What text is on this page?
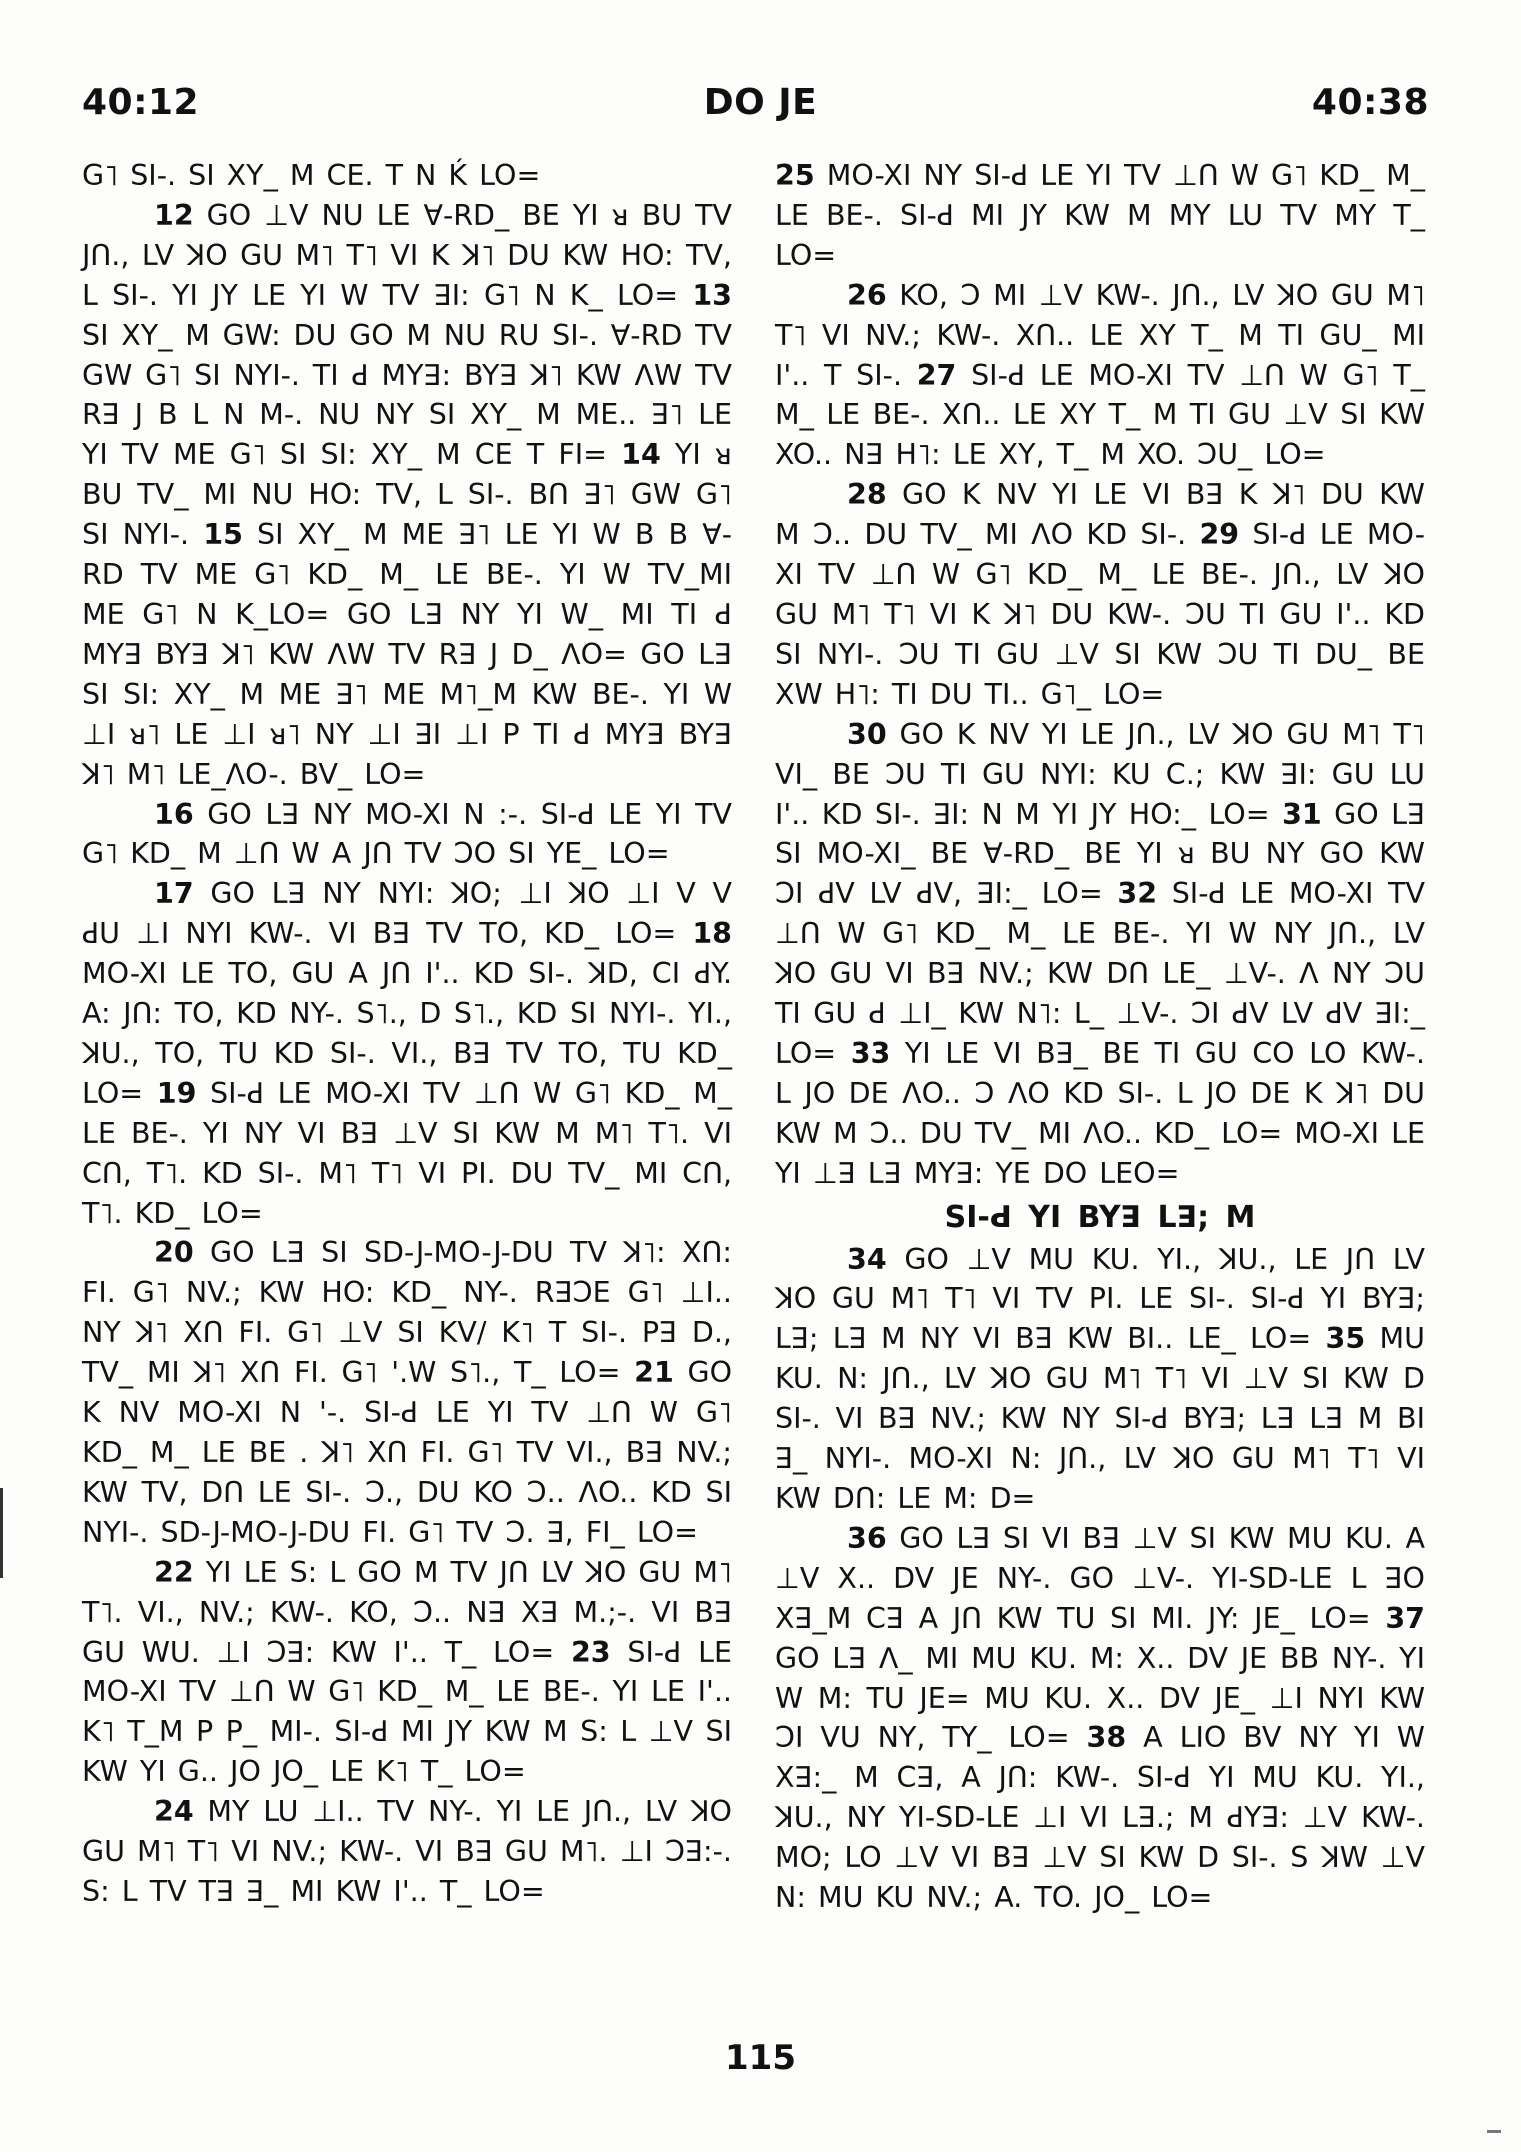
40:12	DO JE	40:38

G˥ SI-. SI XY_ M CE. T N Ḱ LO=

12 GO ⊥V NU LE ∀-RD_ BE YI ᴚ BU TV JՈ., LV ꓘO GU M˥ T˥ VI K ꓘ˥ DU KW HO: TV, L SI-. YI JY LE YI W TV ꓱI: G˥ N K_ LO= 13 SI XY_ M GW: DU GO M NU RU SI-. ∀-RD TV GW G˥ SI NYI-. TI ꓒ MYꓱ: BYꓱ ꓘ˥ KW ꓥW TV Rꓱ J B L N M-. NU NY SI XY_ M ME.. ꓱ˥ LE YI TV ME G˥ SI SI: XY_ M CE T FI= 14 YI ᴚ BU TV_ MI NU HO: TV, L SI-. BՈ ꓱ˥ GW G˥ SI NYI-. 15 SI XY_ M ME ꓱ˥ LE YI W B B ∀-RD TV ME G˥ KD_ M_ LE BE-. YI W TV_MI ME G˥ N K_LO= GO Lꓱ NY YI W_ MI TI ꓒ MYꓱ BYꓱ ꓘ˥ KW ꓥW TV Rꓱ J D_ ꓥO= GO Lꓱ SI SI: XY_ M ME ꓱ˥ ME M˥_M KW BE-. YI W ⊥I ᴚ˥ LE ⊥I ᴚ˥ NY ⊥I ꓱI ⊥I P TI ꓒ MYꓱ BYꓱ ꓘ˥ M˥ LE_ꓥO-. BV_ LO=

16 GO Lꓱ NY MO-XI N :-. SI-ꓒ LE YI TV G˥ KD_ M ⊥Ո W A JՈ TV ƆO SI YE_ LO=

17 GO Lꓱ NY NYI: ꓘO; ⊥I ꓘO ⊥I V V ꓒU ⊥I NYI KW-. VI Bꓱ TV TO, KD_ LO= 18 MO-XI LE TO, GU A JՈ I'.. KD SI-. ꓘD, CI ꓒY. A: JՈ: TO, KD NY-. S˥., D S˥., KD SI NYI-. YI., ꓘU., TO, TU KD SI-. VI., Bꓱ TV TO, TU KD_ LO= 19 SI-ꓒ LE MO-XI TV ⊥Ո W G˥ KD_ M_ LE BE-. YI NY VI Bꓱ ⊥V SI KW M M˥ T˥. VI CՈ, T˥. KD SI-. M˥ T˥ VI PI. DU TV_ MI CՈ, T˥. KD_ LO=

20 GO Lꓱ SI SD-J-MO-J-DU TV ꓘ˥: XՈ: FI. G˥ NV.; KW HO: KD_ NY-. RꓱƆE G˥ ⊥I.. NY ꓘ˥ XՈ FI. G˥ ⊥V SI KV/ K˥ T SI-. Pꓱ D., TV_ MI ꓘ˥ XՈ FI. G˥ '.W S˥., T_ LO= 21 GO K NV MO-XI N '-. SI-ꓒ LE YI TV ⊥Ո W G˥ KD_ M_ LE BE . ꓘ˥ XՈ FI. G˥ TV VI., Bꓱ NV.; KW TV, DՈ LE SI-. Ɔ., DU KO Ɔ.. ꓥO.. KD SI NYI-. SD-J-MO-J-DU FI. G˥ TV Ɔ. ꓱ, FI_ LO=

22 YI LE S: L GO M TV JՈ LV ꓘO GU M˥ T˥. VI., NV.; KW-. KO, Ɔ.. Nꓱ Xꓱ M.;-. VI Bꓱ GU WU. ⊥I Ɔꓱ: KW I'.. T_ LO= 23 SI-ꓒ LE MO-XI TV ⊥Ո W G˥ KD_ M_ LE BE-. YI LE I'.. K˥ T_M P P_ MI-. SI-ꓒ MI JY KW M S: L ⊥V SI KW YI G.. JO JO_ LE K˥ T_ LO=

24 MY LU ⊥I.. TV NY-. YI LE JՈ., LV ꓘO GU M˥ T˥ VI NV.; KW-. VI Bꓱ GU M˥. ⊥I Ɔꓱ:-. S: L TV Tꓱ ꓱ_ MI KW I'.. T_ LO=

25 MO-XI NY SI-ꓒ LE YI TV ⊥Ո W G˥ KD_ M_ LE BE-. SI-ꓒ MI JY KW M MY LU TV MY T_ LO=

26 KO, Ɔ MI ⊥V KW-. JՈ., LV ꓘO GU M˥ T˥ VI NV.; KW-. XՈ.. LE XY T_ M TI GU_ MI I'.. T SI-. 27 SI-ꓒ LE MO-XI TV ⊥Ո W G˥ T_ M_ LE BE-. XՈ.. LE XY T_ M TI GU ⊥V SI KW XO.. Nꓱ H˥: LE XY, T_ M XO. ƆU_ LO=

28 GO K NV YI LE VI Bꓱ K ꓘ˥ DU KW M Ɔ.. DU TV_ MI ꓥO KD SI-. 29 SI-ꓒ LE MO-XI TV ⊥Ո W G˥ KD_ M_ LE BE-. JՈ., LV ꓘO GU M˥ T˥ VI K ꓘ˥ DU KW-. ƆU TI GU I'.. KD SI NYI-. ƆU TI GU ⊥V SI KW ƆU TI DU_ BE XW H˥: TI DU TI.. G˥_ LO=

30 GO K NV YI LE JՈ., LV ꓘO GU M˥ T˥ VI_ BE ƆU TI GU NYI: KU C.; KW ꓱI: GU LU I'.. KD SI-. ꓱI: N M YI JY HO:_ LO= 31 GO Lꓱ SI MO-XI_ BE ∀-RD_ BE YI ᴚ BU NY GO KW ƆI ꓒV LV ꓒV, ꓱI:_ LO= 32 SI-ꓒ LE MO-XI TV ⊥Ո W G˥ KD_ M_ LE BE-. YI W NY JՈ., LV ꓘO GU VI Bꓱ NV.; KW DՈ LE_ ⊥V-. ꓥ NY ƆU TI GU ꓒ ⊥I_ KW N˥: L_ ⊥V-. ƆI ꓒV LV ꓒV ꓱI:_ LO= 33 YI LE VI Bꓱ_ BE TI GU CO LO KW-. L JO DE ꓥO.. Ɔ ꓥO KD SI-. L JO DE K ꓘ˥ DU KW M Ɔ.. DU TV_ MI ꓥO.. KD_ LO= MO-XI LE YI ⊥ꓱ Lꓱ MYꓱ: YE DO LEO=

SI-ꓒ YI BYꓱ Lꓱ; M

34 GO ⊥V MU KU. YI., ꓘU., LE JՈ LV ꓘO GU M˥ T˥ VI TV PI. LE SI-. SI-ꓒ YI BYꓱ; Lꓱ; Lꓱ M NY VI Bꓱ KW BI.. LE_ LO= 35 MU KU. N: JՈ., LV ꓘO GU M˥ T˥ VI ⊥V SI KW D SI-. VI Bꓱ NV.; KW NY SI-ꓒ BYꓱ; Lꓱ Lꓱ M BI ꓱ_ NYI-. MO-XI N: JՈ., LV ꓘO GU M˥ T˥ VI KW DՈ: LE M: D=

36 GO Lꓱ SI VI Bꓱ ⊥V SI KW MU KU. A ⊥V X.. DV JE NY-. GO ⊥V-. YI-SD-LE L ꓱO Xꓱ_M Cꓱ A JՈ KW TU SI MI. JY: JE_ LO= 37 GO Lꓱ ꓥ_ MI MU KU. M: X.. DV JE BB NY-. YI W M: TU JE= MU KU. X.. DV JE_ ⊥I NYI KW ƆI VU NY, TY_ LO= 38 A LIO BV NY YI W Xꓱ:_ M Cꓱ, A JՈ: KW-. SI-ꓒ YI MU KU. YI., ꓘU., NY YI-SD-LE ⊥I VI Lꓱ.; M ꓒYꓱ: ⊥V KW-. MO; LO ⊥V VI Bꓱ ⊥V SI KW D SI-. S ꓘW ⊥V N: MU KU NV.; A. TO. JO_ LO=

115
